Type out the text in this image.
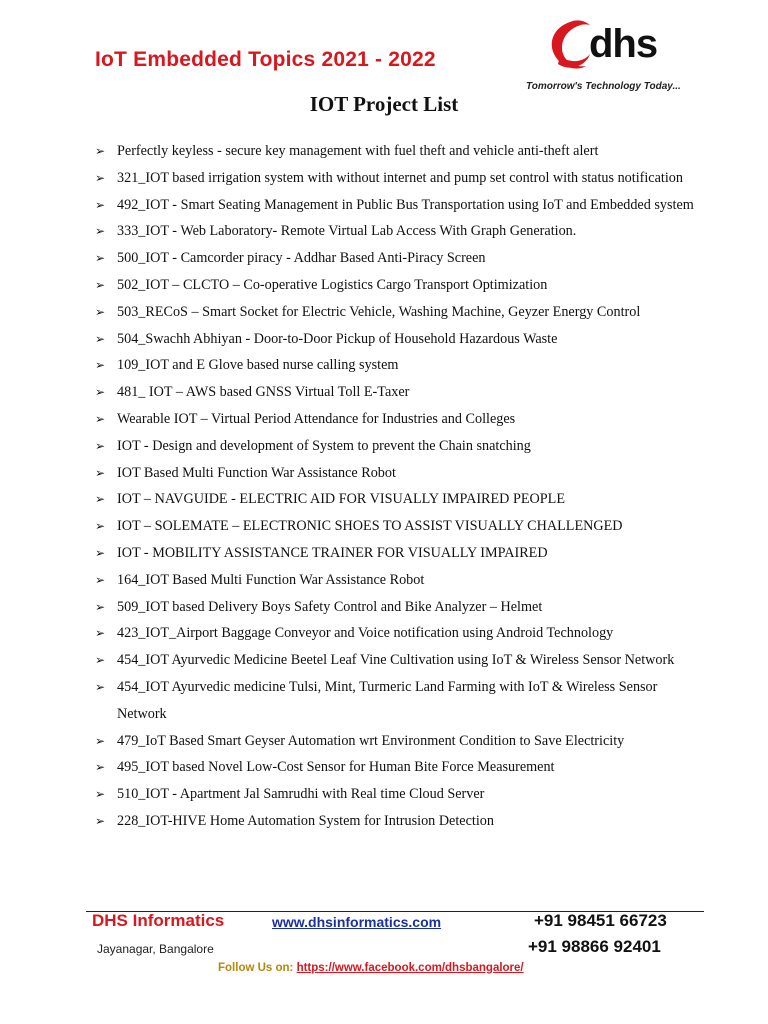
IoT Embedded Topics 2021 - 2022	dhs
Tomorrow's Technology Today...
IOT Project List
➢ Perfectly keyless - secure key management with fuel theft and vehicle anti-theft alert
➢ 321_IOT based irrigation system with without internet and pump set control with status notification
➢ 492_IOT - Smart Seating Management in Public Bus Transportation using IoT and Embedded system
➢ 333_IOT - Web Laboratory- Remote Virtual Lab Access With Graph Generation.
➢ 500_IOT - Camcorder piracy - Addhar Based Anti-Piracy Screen
➢ 502_IOT – CLCTO – Co-operative Logistics Cargo Transport Optimization
➢ 503_RECoS – Smart Socket for Electric Vehicle, Washing Machine, Geyzer Energy Control
➢ 504_Swachh Abhiyan - Door-to-Door Pickup of Household Hazardous Waste
➢ 109_IOT and E Glove based nurse calling system
➢ 481_ IOT – AWS based GNSS Virtual Toll E-Taxer
➢ Wearable IOT – Virtual Period Attendance for Industries and Colleges
➢ IOT - Design and development of System to prevent the Chain snatching
➢ IOT Based Multi Function War Assistance Robot
➢ IOT – NAVGUIDE - ELECTRIC AID FOR VISUALLY IMPAIRED PEOPLE
➢ IOT – SOLEMATE – ELECTRONIC SHOES TO ASSIST VISUALLY CHALLENGED
➢ IOT - MOBILITY ASSISTANCE TRAINER FOR VISUALLY IMPAIRED
➢ 164_IOT Based Multi Function War Assistance Robot
➢ 509_IOT based Delivery Boys Safety Control and Bike Analyzer – Helmet
➢ 423_IOT_Airport Baggage Conveyor and Voice notification using Android Technology
➢ 454_IOT Ayurvedic Medicine Beetel Leaf Vine Cultivation using IoT & Wireless Sensor Network
➢ 454_IOT Ayurvedic medicine Tulsi, Mint, Turmeric Land Farming with IoT & Wireless Sensor Network
➢ 479_IoT Based Smart Geyser Automation wrt Environment Condition to Save Electricity
➢ 495_IOT based Novel Low-Cost Sensor for Human Bite Force Measurement
➢ 510_IOT - Apartment Jal Samrudhi with Real time Cloud Server
➢ 228_IOT-HIVE Home Automation System for Intrusion Detection
DHS Informatics	www.dhsinformatics.com	+91 98451 66723
Jayanagar, Bangalore	+91 98866 92401
Follow Us on: https://www.facebook.com/dhsbangalore/
